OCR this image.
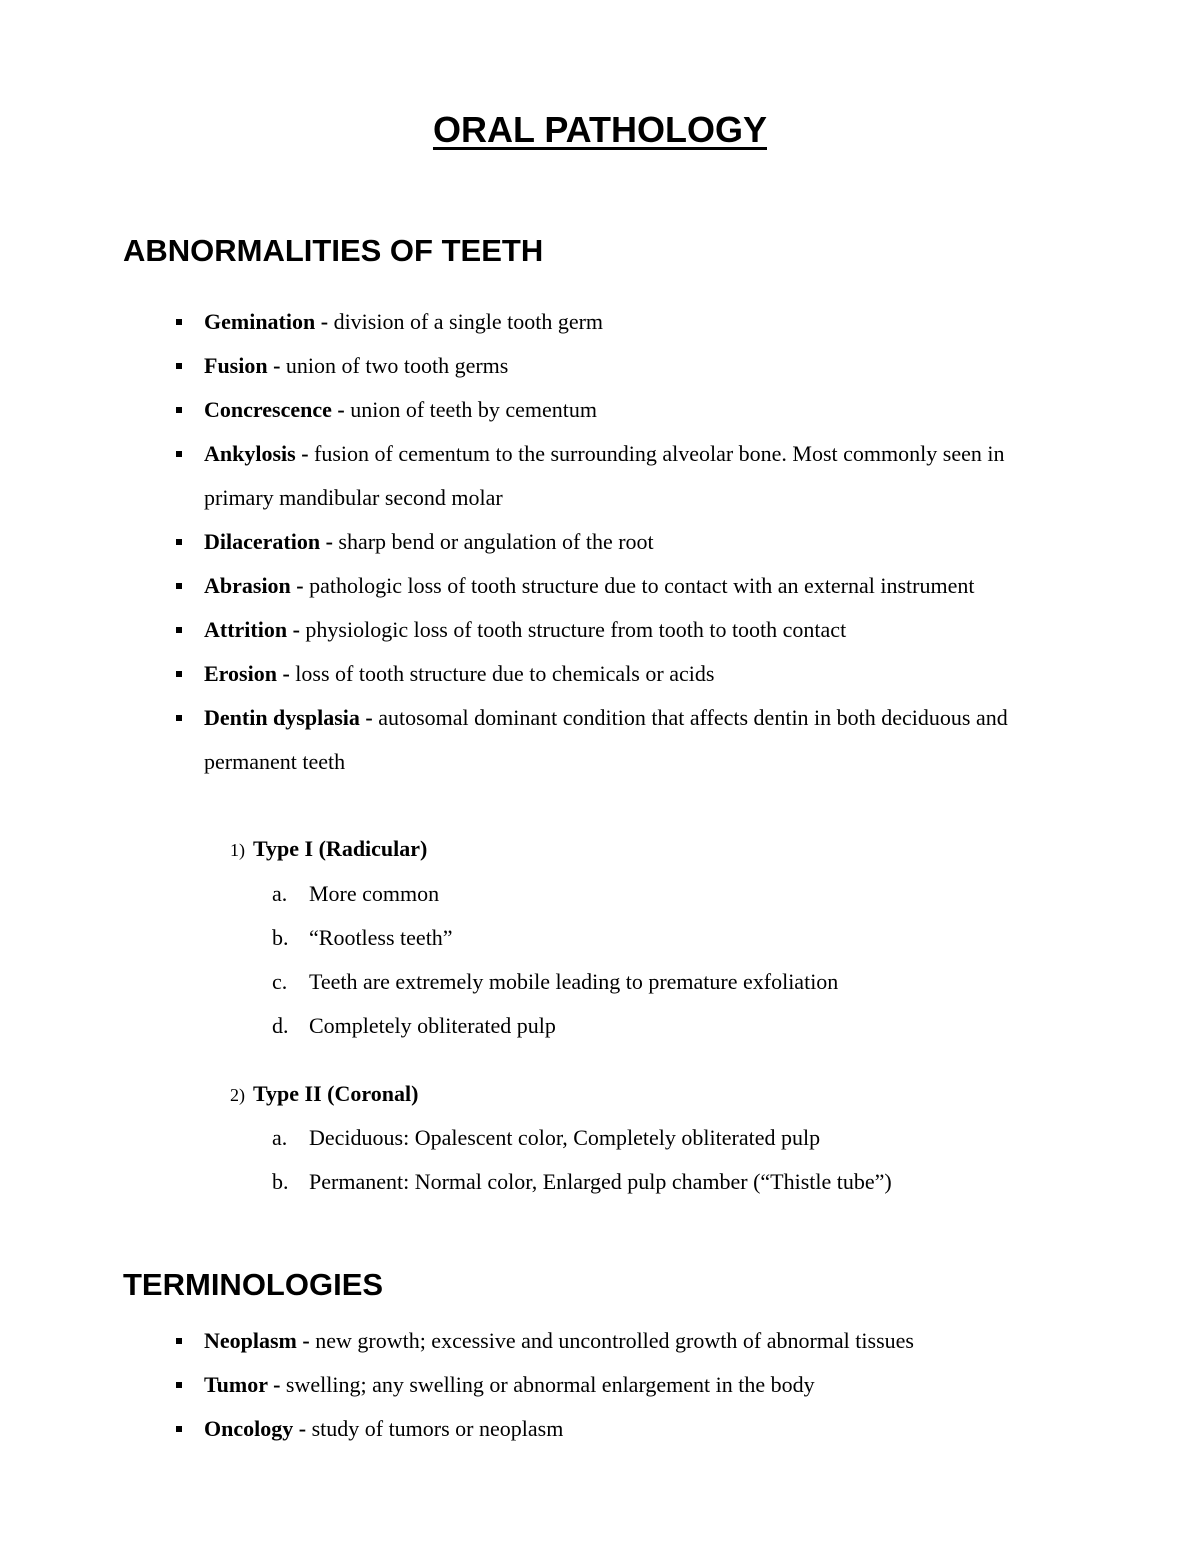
ORAL PATHOLOGY
ABNORMALITIES OF TEETH
Gemination - division of a single tooth germ
Fusion - union of two tooth germs
Concrescence - union of teeth by cementum
Ankylosis - fusion of cementum to the surrounding alveolar bone. Most commonly seen in primary mandibular second molar
Dilaceration - sharp bend or angulation of the root
Abrasion - pathologic loss of tooth structure due to contact with an external instrument
Attrition - physiologic loss of tooth structure from tooth to tooth contact
Erosion - loss of tooth structure due to chemicals or acids
Dentin dysplasia - autosomal dominant condition that affects dentin in both deciduous and permanent teeth
1) Type I (Radicular)
a. More common
b. “Rootless teeth”
c. Teeth are extremely mobile leading to premature exfoliation
d. Completely obliterated pulp
2) Type II (Coronal)
a. Deciduous: Opalescent color, Completely obliterated pulp
b. Permanent: Normal color, Enlarged pulp chamber (“Thistle tube”)
TERMINOLOGIES
Neoplasm - new growth; excessive and uncontrolled growth of abnormal tissues
Tumor - swelling; any swelling or abnormal enlargement in the body
Oncology - study of tumors or neoplasm
